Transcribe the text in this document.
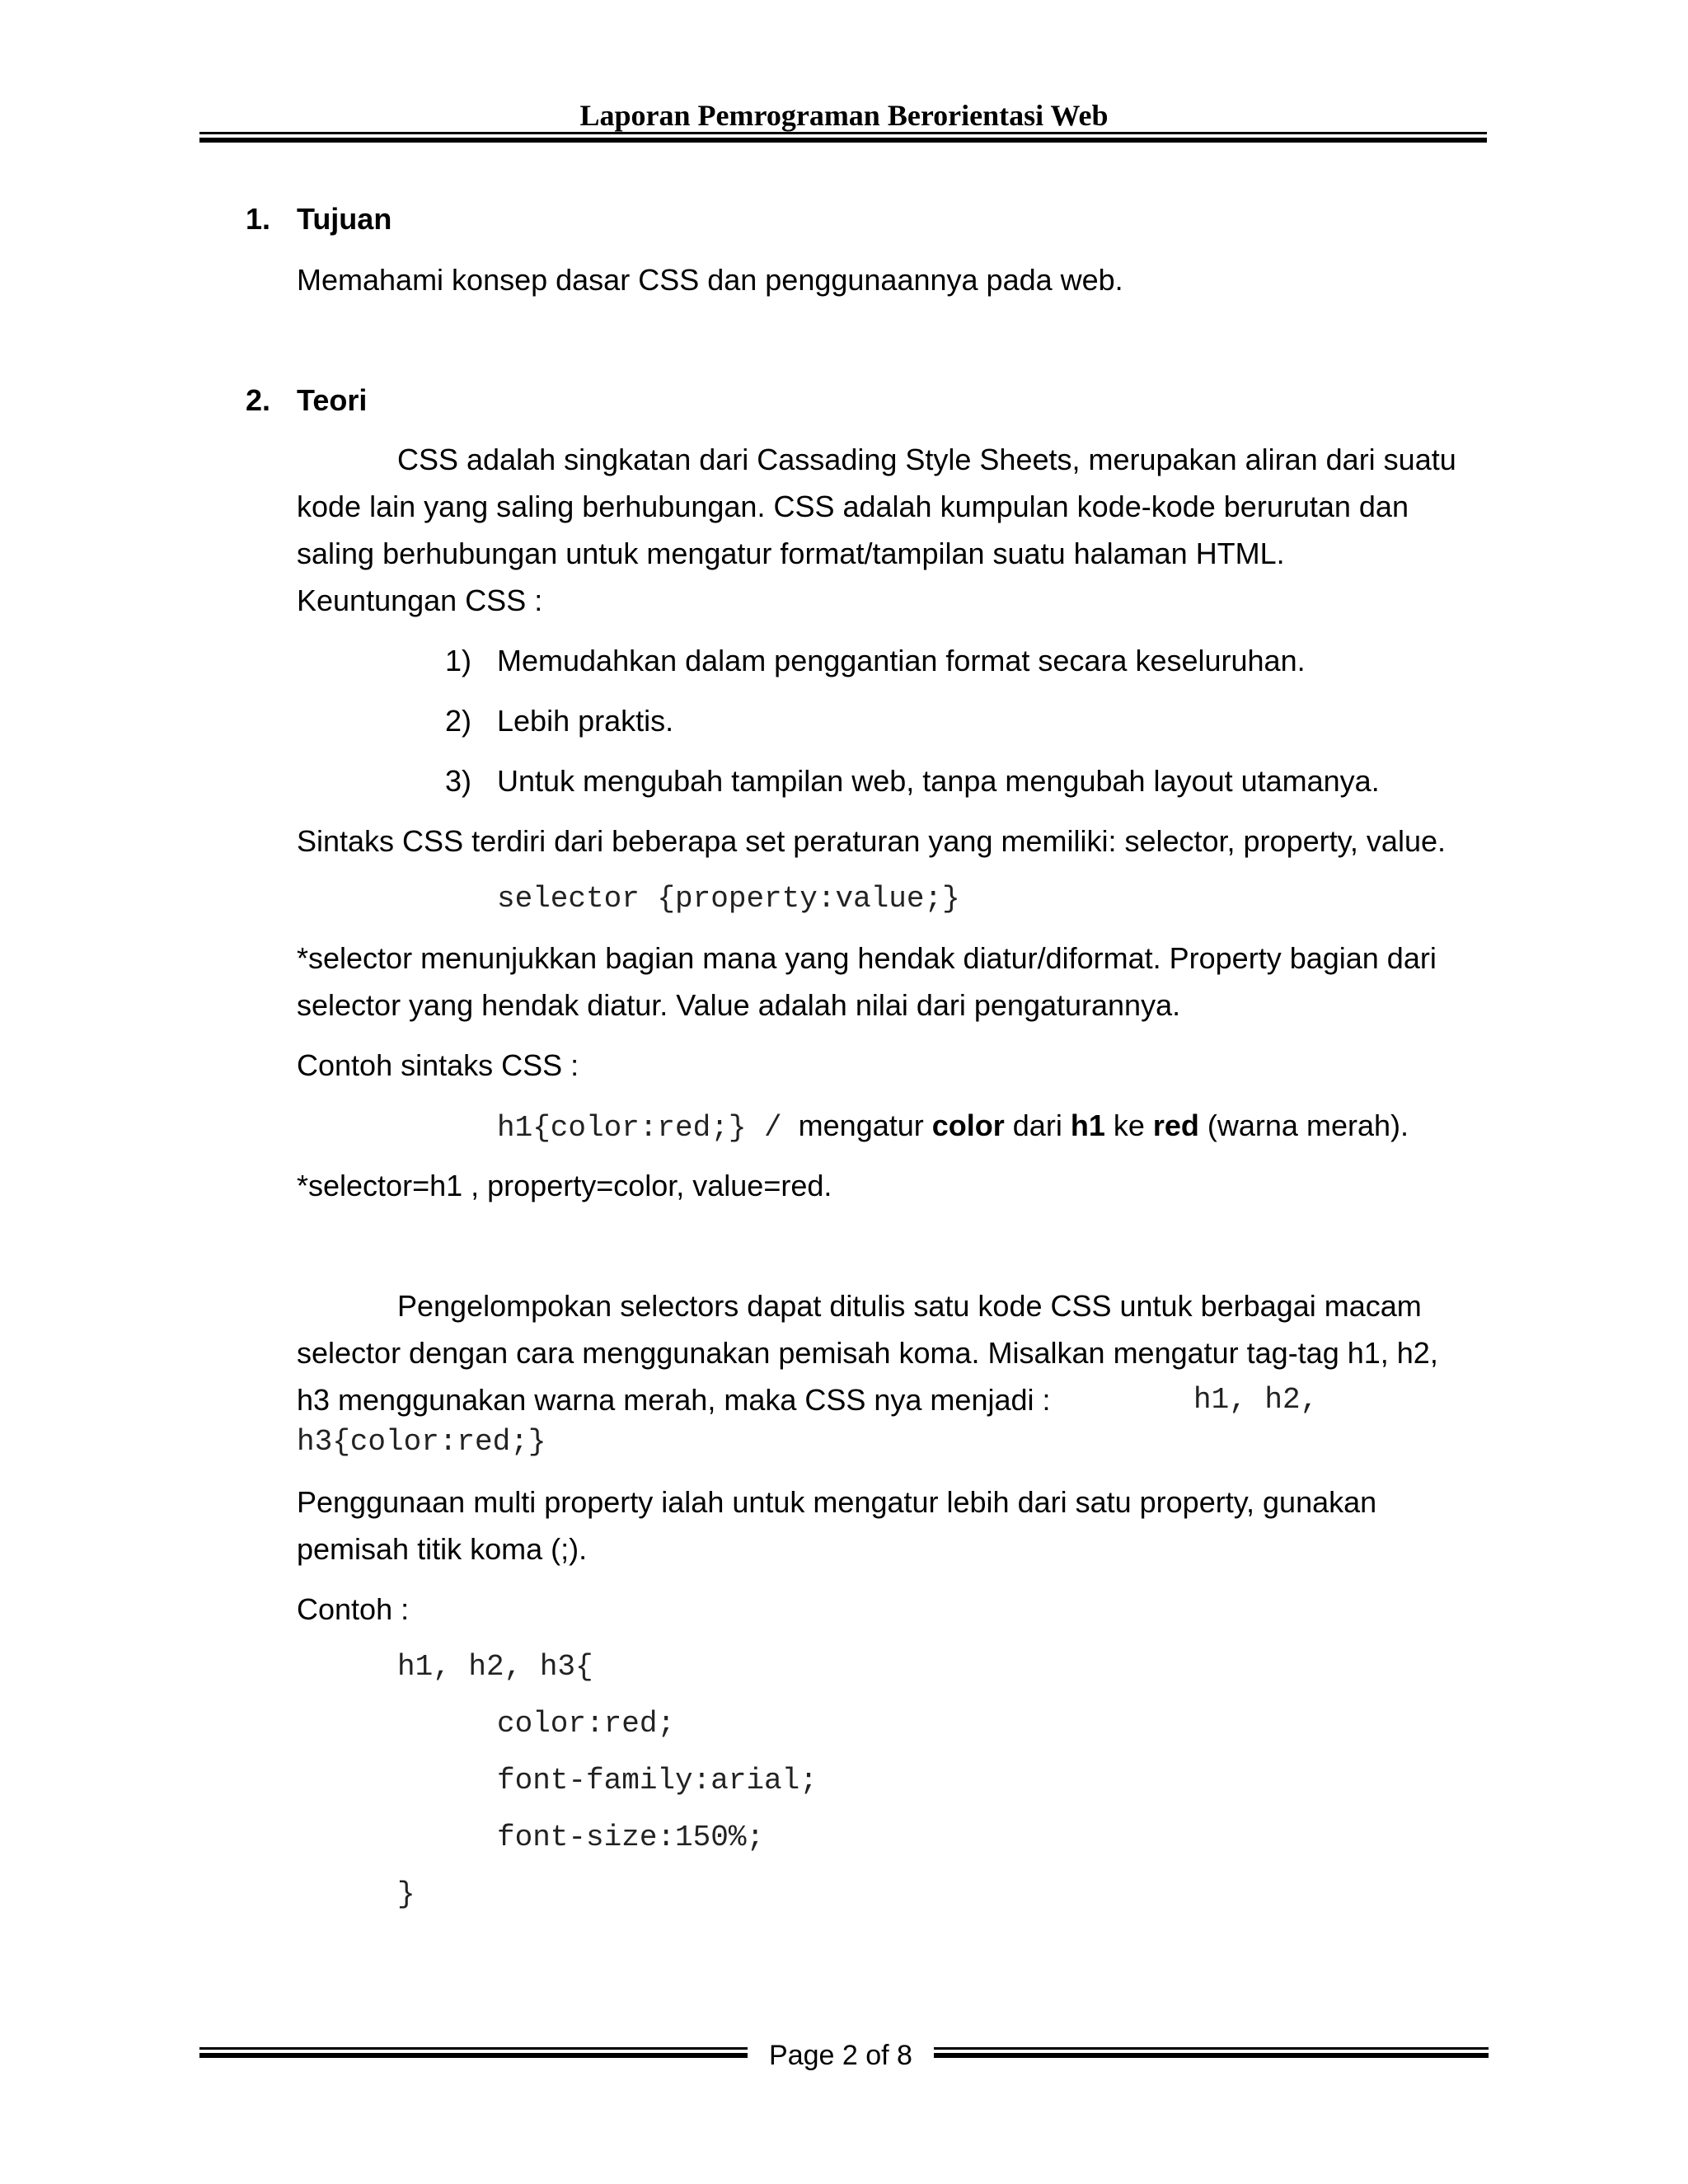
Laporan Pemrograman Berorientasi Web
1. Tujuan
Memahami konsep dasar CSS dan penggunaannya pada web.
2. Teori
CSS adalah singkatan dari Cassading Style Sheets, merupakan aliran dari suatu
kode lain yang saling berhubungan. CSS adalah kumpulan kode-kode berurutan dan
saling berhubungan untuk mengatur format/tampilan suatu halaman HTML.
Keuntungan CSS :
1) Memudahkan dalam penggantian format secara keseluruhan.
2) Lebih praktis.
3) Untuk mengubah tampilan web, tanpa mengubah layout utamanya.
Sintaks CSS terdiri dari beberapa set peraturan yang memiliki: selector, property, value.
selector {property:value;}
*selector menunjukkan bagian mana yang hendak diatur/diformat. Property bagian dari
selector yang hendak diatur. Value adalah nilai dari pengaturannya.
Contoh sintaks CSS :
h1{color:red;} / mengatur color dari h1 ke red (warna merah).
*selector=h1 , property=color, value=red.
Pengelompokan selectors dapat ditulis satu kode CSS untuk berbagai macam
selector dengan cara menggunakan pemisah koma. Misalkan mengatur tag-tag h1, h2,
h3 menggunakan warna merah, maka CSS nya menjadi :	h1, h2,
h3{color:red;}
Penggunaan multi property ialah untuk mengatur lebih dari satu property, gunakan
pemisah titik koma (;).
Contoh :
h1, h2, h3{
color:red;
font-family:arial;
font-size:150%;
}
Page 2 of 8
